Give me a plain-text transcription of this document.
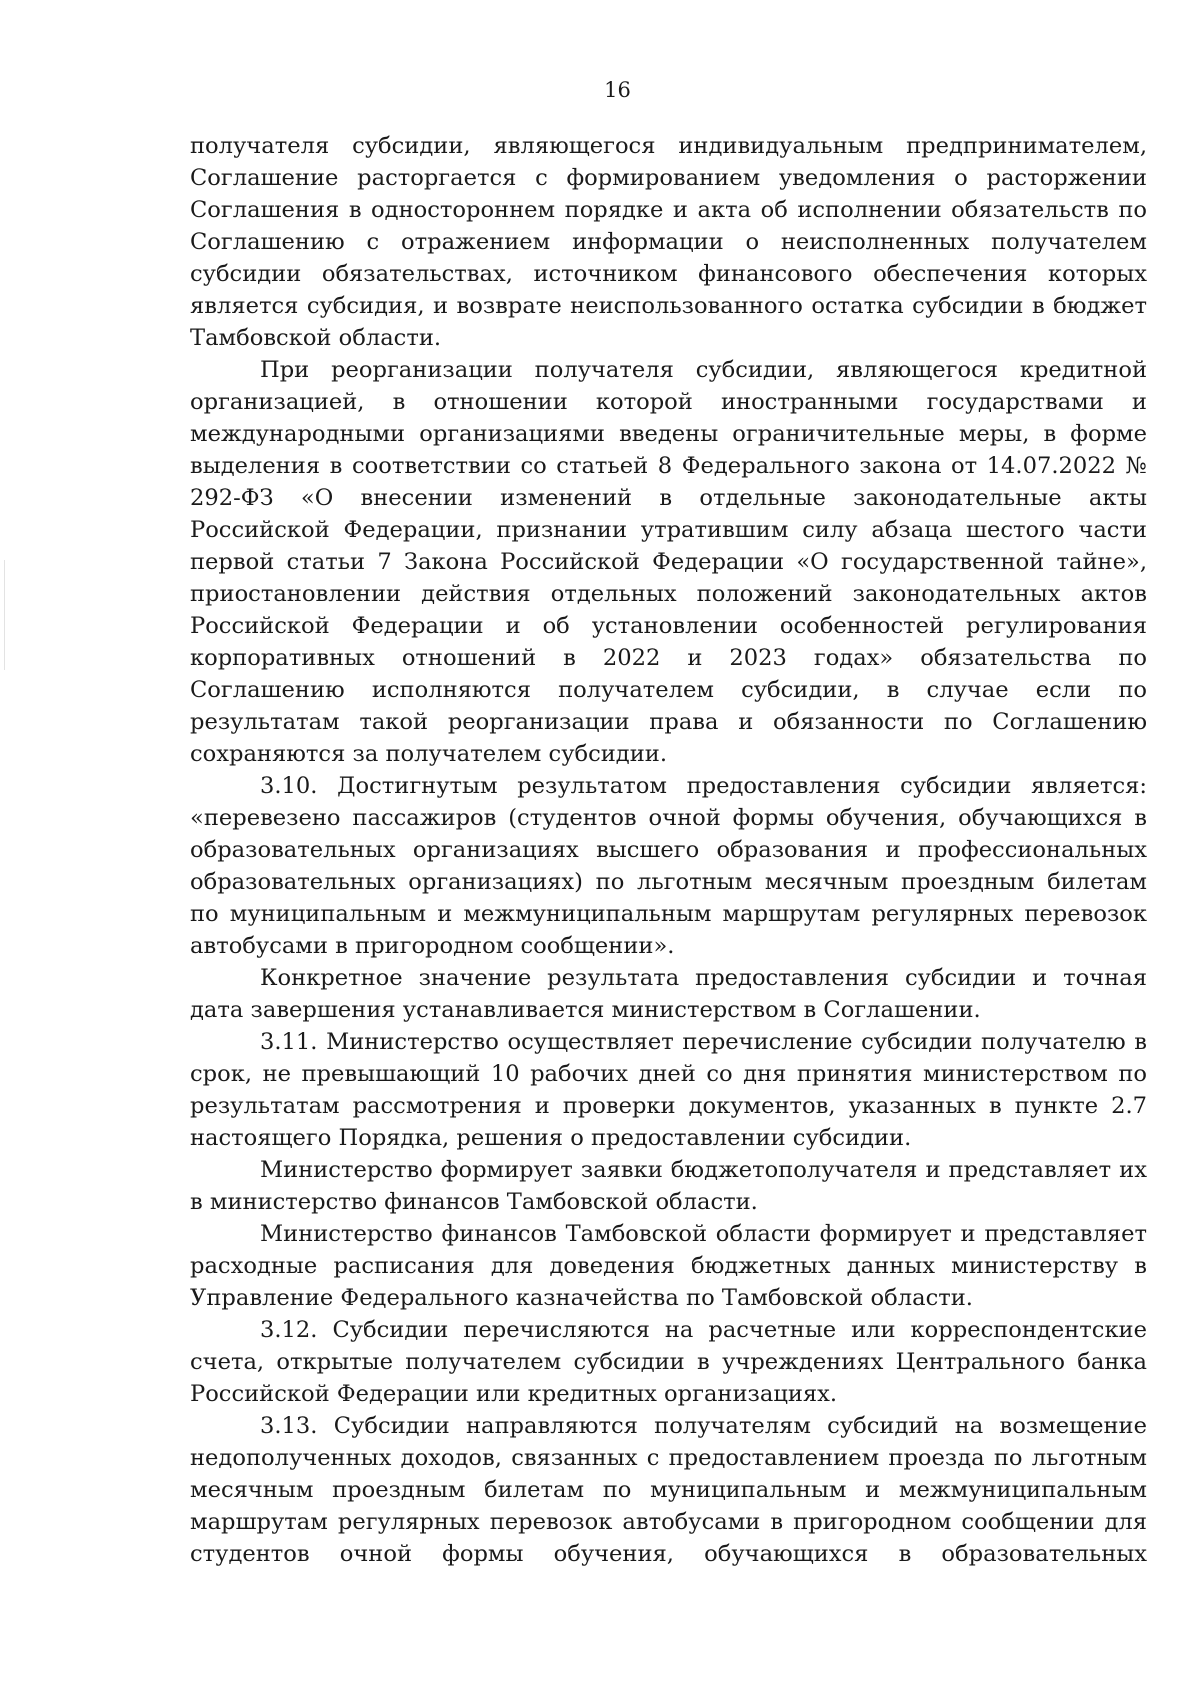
16

получателя субсидии, являющегося индивидуальным предпринимателем, Соглашение расторгается с формированием уведомления о расторжении Соглашения в одностороннем порядке и акта об исполнении обязательств по Соглашению с отражением информации о неисполненных получателем субсидии обязательствах, источником финансового обеспечения которых является субсидия, и возврате неиспользованного остатка субсидии в бюджет Тамбовской области.

При реорганизации получателя субсидии, являющегося кредитной организацией, в отношении которой иностранными государствами и международными организациями введены ограничительные меры, в форме выделения в соответствии со статьей 8 Федерального закона от 14.07.2022 № 292-ФЗ «О внесении изменений в отдельные законодательные акты Российской Федерации, признании утратившим силу абзаца шестого части первой статьи 7 Закона Российской Федерации «О государственной тайне», приостановлении действия отдельных положений законодательных актов Российской Федерации и об установлении особенностей регулирования корпоративных отношений в 2022 и 2023 годах» обязательства по Соглашению исполняются получателем субсидии, в случае если по результатам такой реорганизации права и обязанности по Соглашению сохраняются за получателем субсидии.

3.10. Достигнутым результатом предоставления субсидии является: «перевезено пассажиров (студентов очной формы обучения, обучающихся в образовательных организациях высшего образования и профессиональных образовательных организациях) по льготным месячным проездным билетам по муниципальным и межмуниципальным маршрутам регулярных перевозок автобусами в пригородном сообщении».

Конкретное значение результата предоставления субсидии и точная дата завершения устанавливается министерством в Соглашении.

3.11. Министерство осуществляет перечисление субсидии получателю в срок, не превышающий 10 рабочих дней со дня принятия министерством по результатам рассмотрения и проверки документов, указанных в пункте 2.7 настоящего Порядка, решения о предоставлении субсидии.

Министерство формирует заявки бюджетополучателя и представляет их в министерство финансов Тамбовской области.

Министерство финансов Тамбовской области формирует и представляет расходные расписания для доведения бюджетных данных министерству в Управление Федерального казначейства по Тамбовской области.

3.12. Субсидии перечисляются на расчетные или корреспондентские счета, открытые получателем субсидии в учреждениях Центрального банка Российской Федерации или кредитных организациях.

3.13. Субсидии направляются получателям субсидий на возмещение недополученных доходов, связанных с предоставлением проезда по льготным месячным проездным билетам по муниципальным и межмуниципальным маршрутам регулярных перевозок автобусами в пригородном сообщении для студентов очной формы обучения, обучающихся в образовательных
